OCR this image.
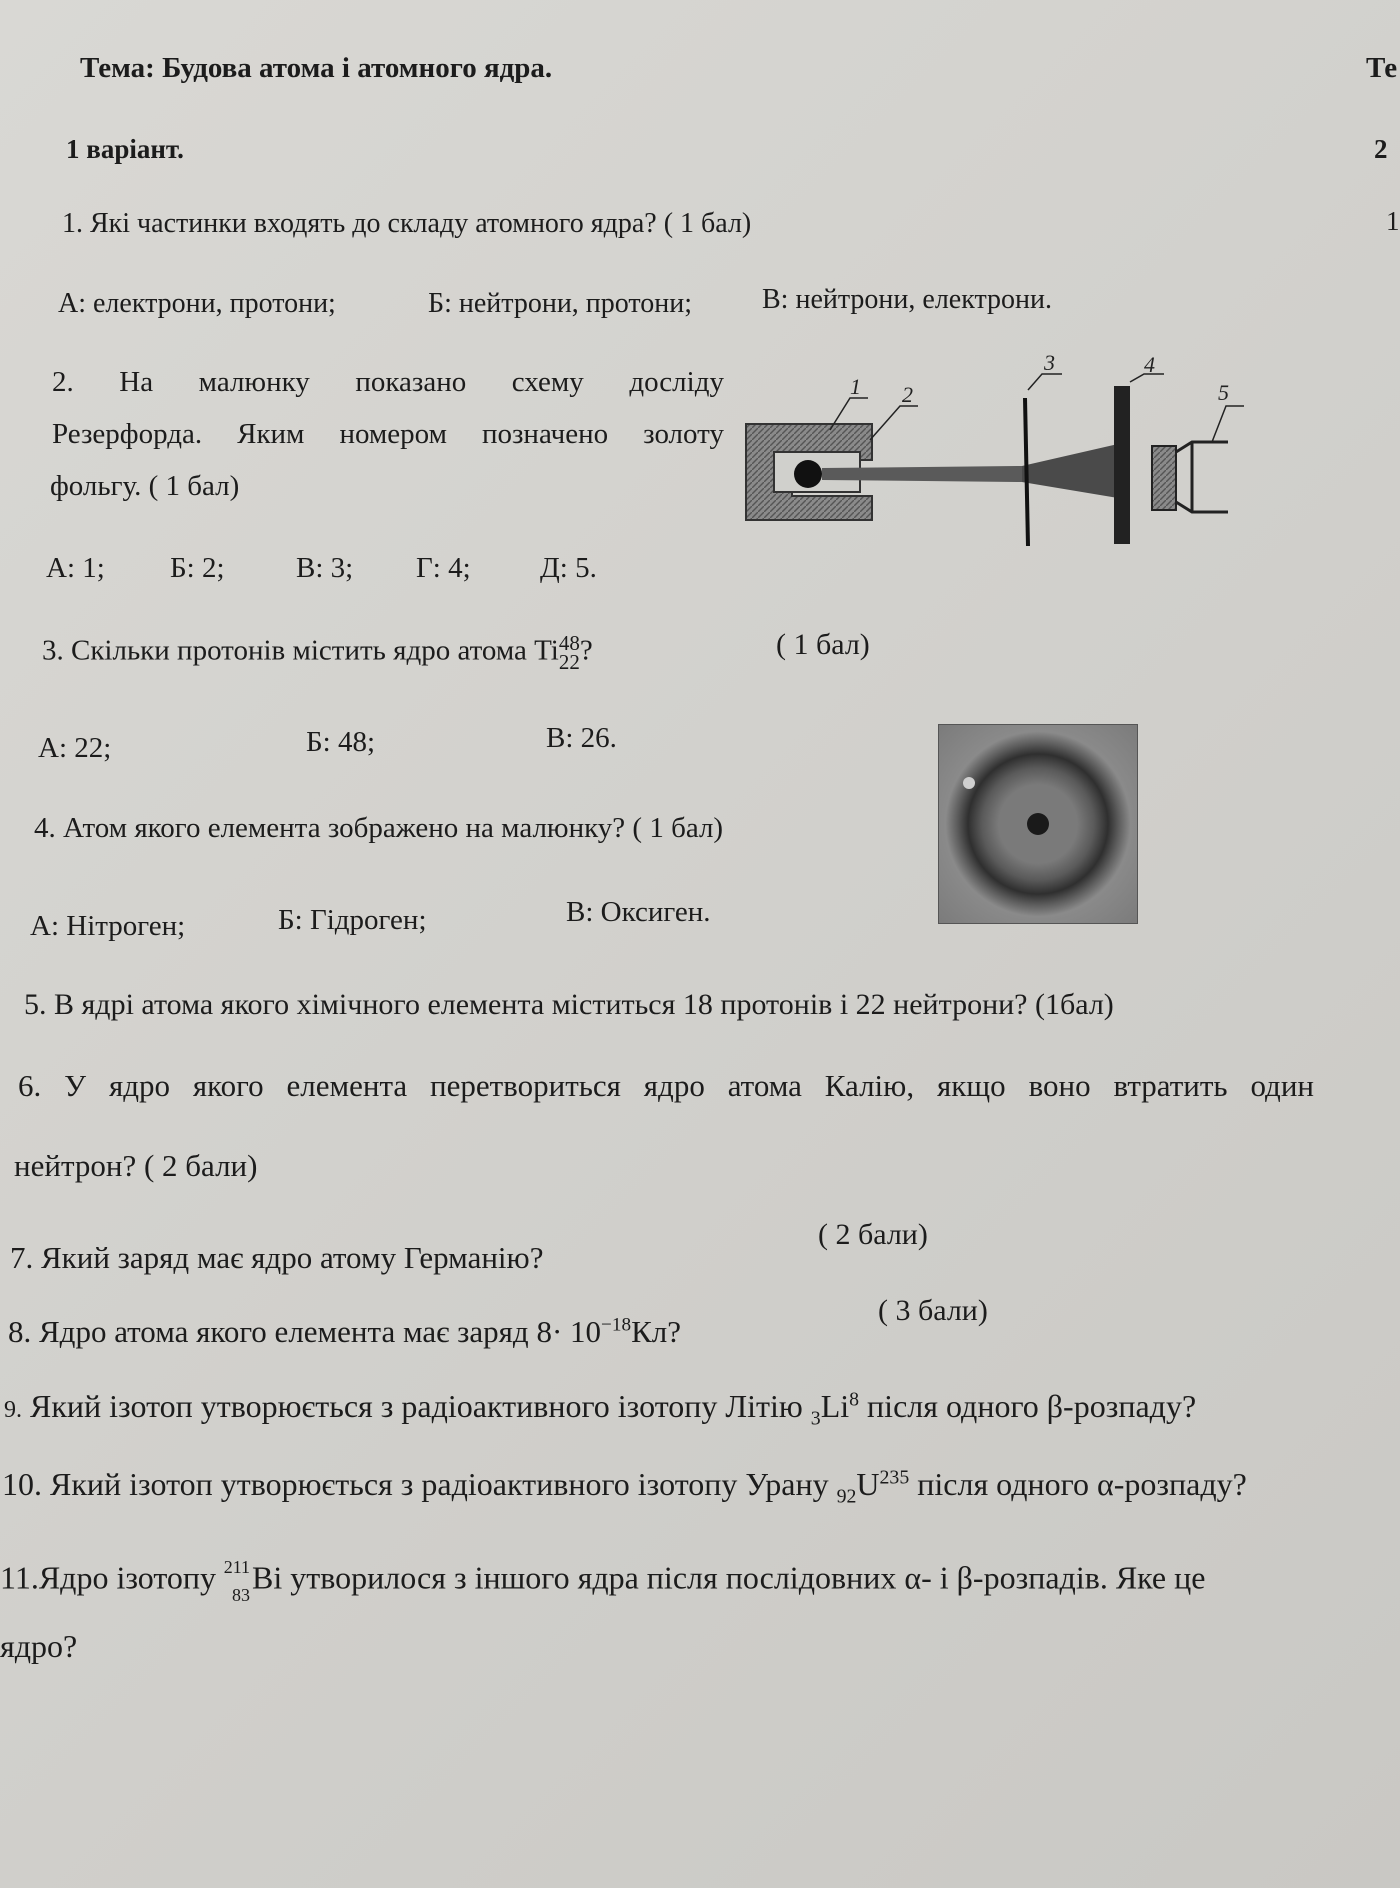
Тема: Будова атома і атомного ядра.
1 варіант.
Те
2
1
1. Які частинки входять до складу атомного ядра? ( 1 бал)
А: електрони, протони;	Б: нейтрони, протони; В: нейтрони, електрони.
2. На малюнку показано схему досліду
Резерфорда. Яким номером позначено золоту
фольгу. ( 1 бал)
А: 1; Б: 2; В: 3; Г: 4; Д: 5.
1 2
3	4
5
3. Скільки протонів містить ядро атома Ti 48
22 ?	( 1 бал)
А: 22;	Б: 48;	В: 26.
4. Атом якого елемента зображено на малюнку? ( 1 бал)
А: Нітроген;	Б: Гідроген;	В: Оксиген.
5. В ядрі атома якого хімічного елемента міститься 18 протонів і 22 нейтрони? (1бал)
6. У ядро якого елемента перетвориться ядро атома Калію, якщо воно втратить один
нейтрон? ( 2 бали)
7. Який заряд має ядро атому Германію?
( 2 бали)
8. Ядро атома якого елемента має заряд $8\cdot 10^{-18}Кл$?
( 3 бали)
9. Який ізотоп утворюється з радіоактивного ізотопу Літію $_3Li^8$ після одного β-розпаду?
10. Який ізотоп утворюється з радіоактивного ізотопу Урану $_{92}U^{235}$ після одного α-розпаду?
11.Ядро ізотопу 211
83 Bi утворилося з іншого ядра після послідовних α- і β-розпадів. Яке це
ядро?
